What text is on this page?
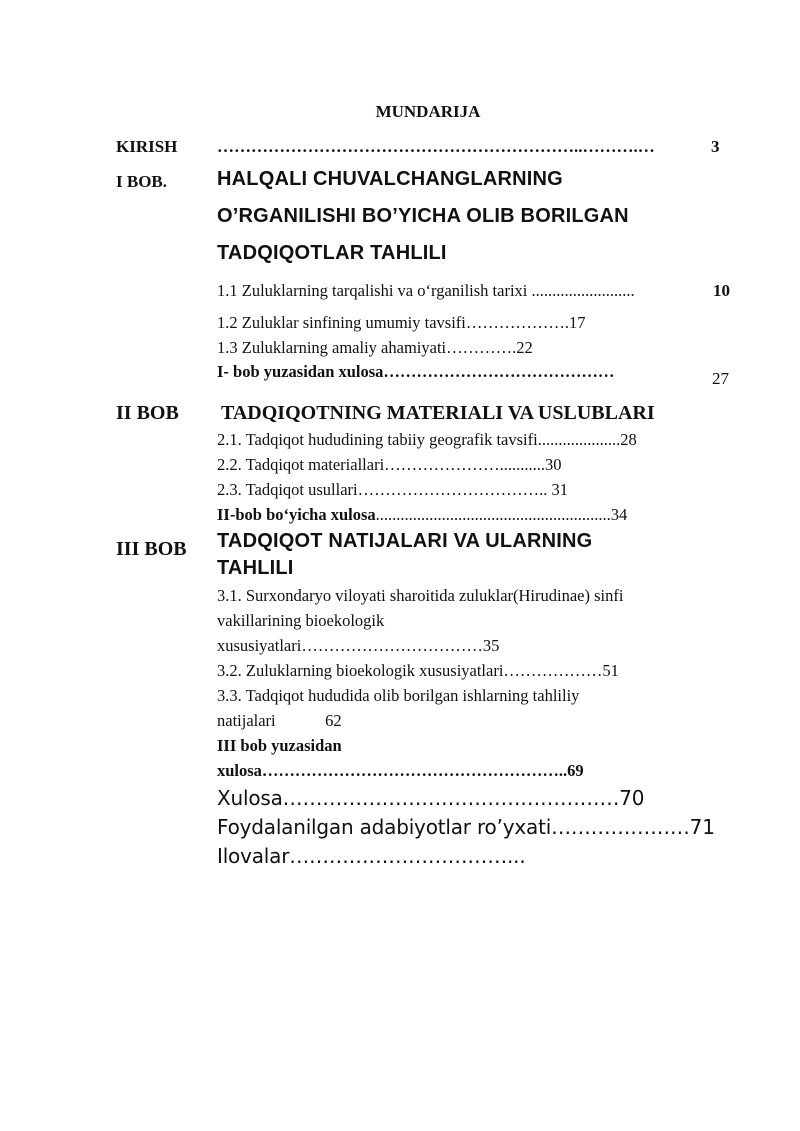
MUNDARIJA
KIRISH ………………………………………………………..……….…	3
I BOB. HALQALI CHUVALCHANGLARNING
O’RGANILISHI BO’YICHA OLIB BORILGAN
TADQIQOTLAR TAHLILI
1.1 Zuluklarning tarqalishi va o‘rganilish tarixi .........................	10
1.2 Zuluklar sinfining umumiy tavsifi……………….17
1.3 Zuluklarning amaliy ahamiyati………….22
I- bob yuzasidan xulosa……………………………………	27
II BOB TADQIQOTNING MATERIALI VA USLUBLARI
2.1. Tadqiqot hududining tabiiy geografik tavsifi....................28
2.2. Tadqiqot materiallari…………………...........30
2.3. Tadqiqot usullari…………………………….. 31
II-bob bo‘yicha xulosa.........................................................34
III BOB TADQIQOT NATIJALARI VA ULARNING
TAHLILI
3.1. Surxondaryo viloyati sharoitida zuluklar(Hirudinae) sinfi
vakillarining bioekologik
xususiyatlari……………………………35
3.2. Zuluklarning bioekologik xususiyatlari………………51
3.3. Tadqiqot hududida olib borilgan ishlarning tahliliy
natijalari            62
III bob yuzasidan
xulosa………………………………………………..69
Xulosa……………………………………………70
Foydalanilgan adabiyotlar ro’yxati…………………71
Ilovalar……………………………...
